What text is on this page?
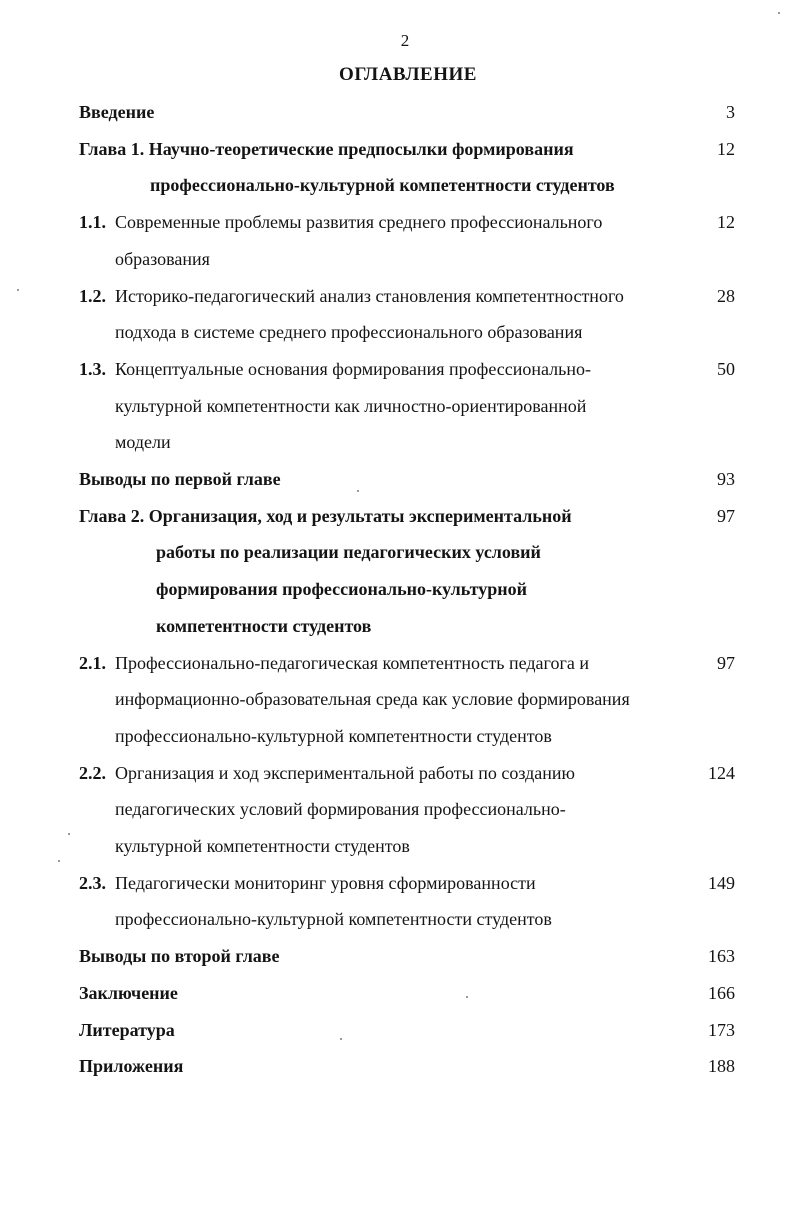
2
ОГЛАВЛЕНИЕ
Введение	3
Глава 1. Научно-теоретические предпосылки формирования	12
профессионально-культурной компетентности студентов
1.1. Современные проблемы развития среднего профессионального	12
образования
1.2. Историко-педагогический анализ становления компетентностного	28
подхода в системе среднего профессионального образования
1.3. Концептуальные основания формирования профессионально-	50
культурной компетентности как личностно-ориентированной
модели
Выводы по первой главе	93
Глава 2. Организация, ход и результаты экспериментальной	97
работы по реализации педагогических условий
формирования профессионально-культурной
компетентности студентов
2.1. Профессионально-педагогическая компетентность педагога и	97
информационно-образовательная среда как условие формирования
профессионально-культурной компетентности студентов
2.2. Организация и ход экспериментальной работы по созданию	124
педагогических условий формирования профессионально-
культурной компетентности студентов
2.3. Педагогически мониторинг уровня сформированности	149
профессионально-культурной компетентности студентов
Выводы по второй главе	163
Заключение	166
Литература	173
Приложения	188
